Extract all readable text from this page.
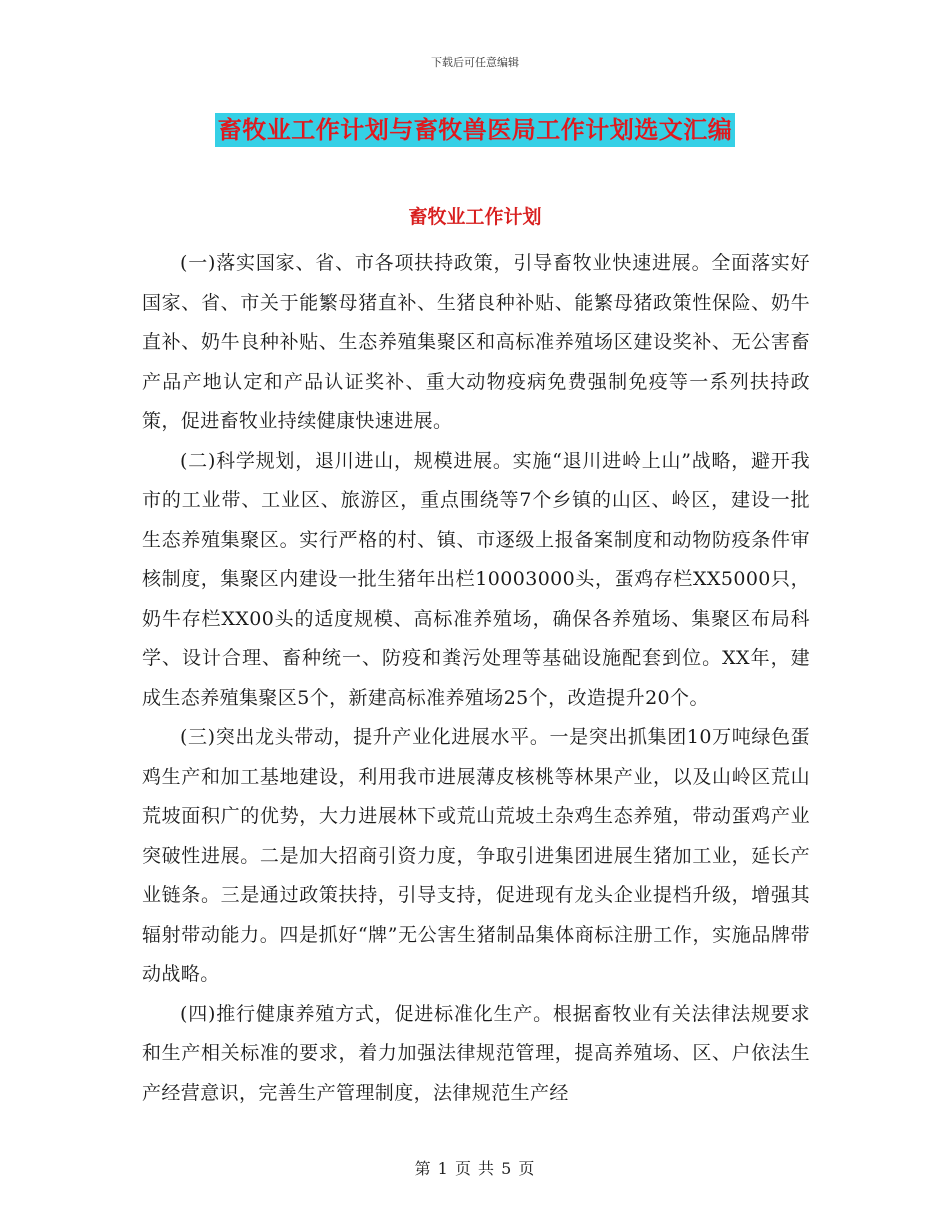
下载后可任意编辑
畜牧业工作计划与畜牧兽医局工作计划选文汇编
畜牧业工作计划

(一)落实国家、省、市各项扶持政策，引导畜牧业快速进展。全面落实好国家、省、市关于能繁母猪直补、生猪良种补贴、能繁母猪政策性保险、奶牛直补、奶牛良种补贴、生态养殖集聚区和高标准养殖场区建设奖补、无公害畜产品产地认定和产品认证奖补、重大动物疫病免费强制免疫等一系列扶持政策，促进畜牧业持续健康快速进展。

(二)科学规划，退川进山，规模进展。实施“退川进岭上山”战略，避开我市的工业带、工业区、旅游区，重点围绕等7个乡镇的山区、岭区，建设一批生态养殖集聚区。实行严格的村、镇、市逐级上报备案制度和动物防疫条件审核制度，集聚区内建设一批生猪年出栏10003000头，蛋鸡存栏XX5000只，奶牛存栏XX00头的适度规模、高标准养殖场，确保各养殖场、集聚区布局科学、设计合理、畜种统一、防疫和粪污处理等基础设施配套到位。XX年，建成生态养殖集聚区5个，新建高标准养殖场25个，改造提升20个。

(三)突出龙头带动，提升产业化进展水平。一是突出抓集团10万吨绿色蛋鸡生产和加工基地建设，利用我市进展薄皮核桃等林果产业，以及山岭区荒山荒坡面积广的优势，大力进展林下或荒山荒坡土杂鸡生态养殖，带动蛋鸡产业突破性进展。二是加大招商引资力度，争取引进集团进展生猪加工业，延长产业链条。三是通过政策扶持，引导支持，促进现有龙头企业提档升级，增强其辐射带动能力。四是抓好“牌”无公害生猪制品集体商标注册工作，实施品牌带动战略。

(四)推行健康养殖方式，促进标准化生产。根据畜牧业有关法律法规要求和生产相关标准的要求，着力加强法律规范管理，提高养殖场、区、户依法生产经营意识，完善生产管理制度，法律规范生产经

第 1 页 共 5 页
